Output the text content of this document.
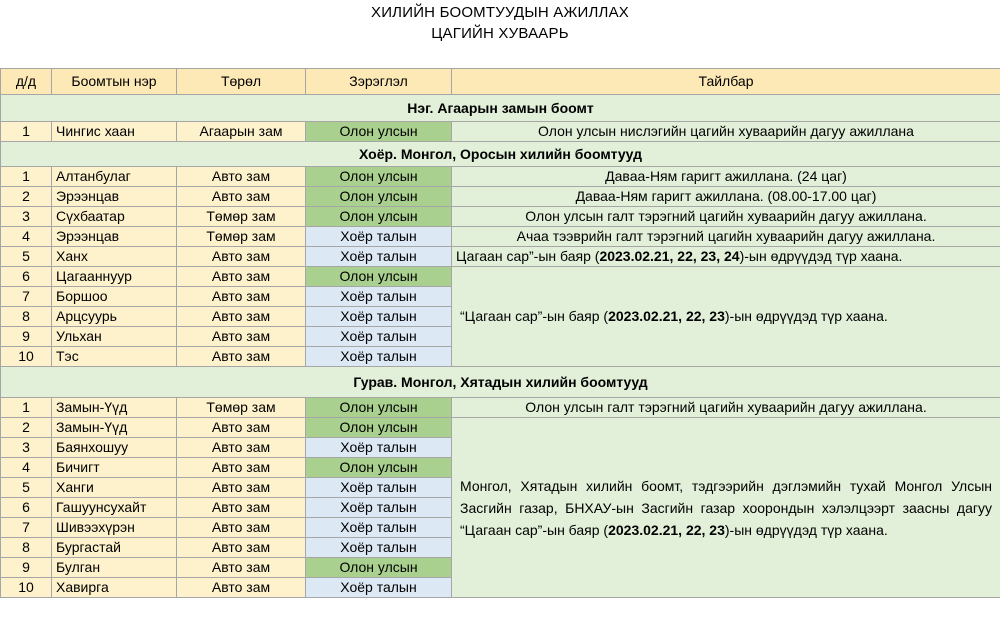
ХИЛИЙН БООМТУУДЫН АЖИЛЛАХ
ЦАГИЙН ХУВААРЬ
д/д	Боомтын нэр	Төрөл	Зэрэглэл	Тайлбар
Нэг. Агаарын замын боомт				
1	Чингис хаан	Агаарын зам	Олон улсын	Олон улсын нислэгийн цагийн хуваарийн дагуу ажиллана
Хоёр. Монгол, Оросын хилийн боомтууд				
1	Алтанбулаг	Авто зам	Олон улсын	Даваа-Ням гаригт ажиллана. (24 цаг)
2	Эрээнцав	Авто зам	Олон улсын	Даваа-Ням гаригт ажиллана. (08.00-17.00 цаг)
3	Сүхбаатар	Төмөр зам	Олон улсын	Олон улсын галт тэрэгний цагийн хуваарийн дагуу ажиллана.
4	Эрээнцав	Төмөр зам	Хоёр талын	Ачаа тээврийн галт тэрэгний цагийн хуваарийн дагуу ажиллана.
5	Ханх	Авто зам	Хоёр талын	Цагаан сар”-ын баяр (2023.02.21, 22, 23, 24)-ын өдрүүдэд түр хаана.
6	Цагааннуур	Авто зам	Олон улсын	“Цагаан сар”-ын баяр (2023.02.21, 22, 23)-ын өдрүүдэд түр хаана.
7	Боршоо	Авто зам	Хоёр талын	
8	Арцсуурь	Авто зам	Хоёр талын	
9	Ульхан	Авто зам	Хоёр талын	
10	Тэс	Авто зам	Хоёр талын	
Гурав. Монгол, Хятадын хилийн боомтууд				
1	Замын-Үүд	Төмөр зам	Олон улсын	Олон улсын галт тэрэгний цагийн хуваарийн дагуу ажиллана.
2	Замын-Үүд	Авто зам	Олон улсын	Монгол, Хятадын хилийн боомт, тэдгээрийн дэглэмийн тухай Монгол Улсын Засгийн газар, БНХАУ-ын Засгийн газар хоорондын хэлэлцээрт заасны дагуу “Цагаан сар”-ын баяр (2023.02.21, 22, 23)-ын өдрүүдэд түр хаана.
3	Баянхошуу	Авто зам	Хоёр талын	
4	Бичигт	Авто зам	Олон улсын	
5	Ханги	Авто зам	Хоёр талын	
6	Гашуунсухайт	Авто зам	Хоёр талын	
7	Шивээхүрэн	Авто зам	Хоёр талын	
8	Бургастай	Авто зам	Хоёр талын	
9	Булган	Авто зам	Олон улсын	
10	Хавирга	Авто зам	Хоёр талын	
